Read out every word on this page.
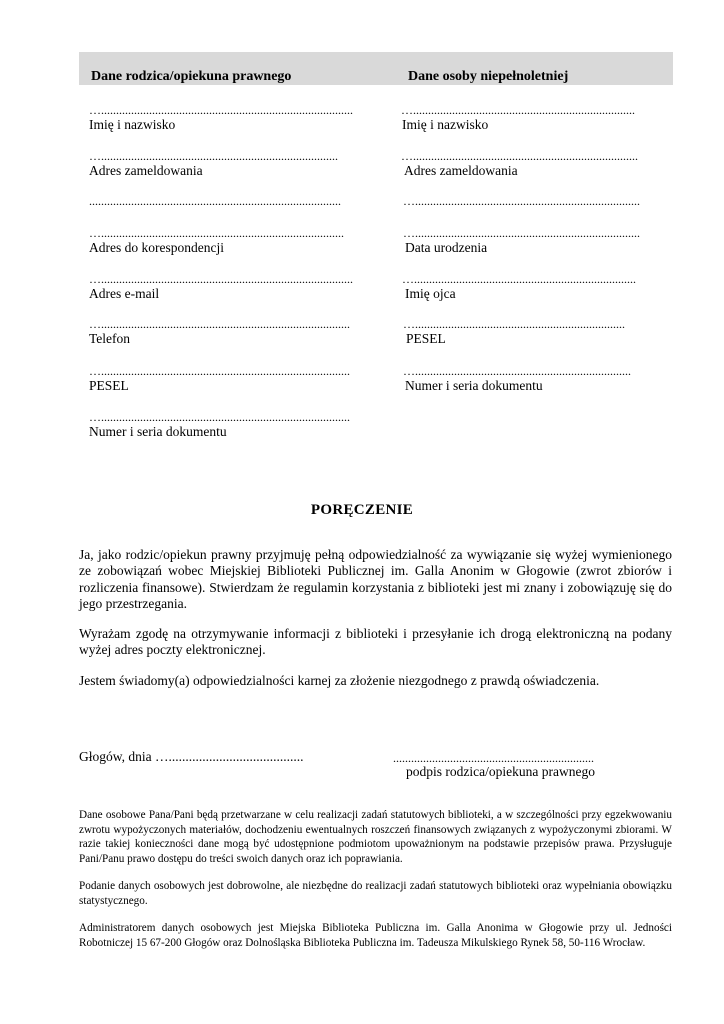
Dane rodzica/opiekuna prawnego	Dane osoby niepełnoletniej
…....................................................................................
Imię i nazwisko
…...............................................................................
Adres zameldowania
....................................................................................
….................................................................................
Adres do korespondencji
…....................................................................................
Adres e-mail
…...................................................................................
Telefon
…...................................................................................
PESEL
…...................................................................................
Numer i seria dokumentu
…..........................................................................
Imię i nazwisko
…...........................................................................
Adres zameldowania
…...........................................................................
…...........................................................................
Data urodzenia
…..........................................................................
Imię ojca
…......................................................................
PESEL
…........................................................................
Numer i seria dokumentu
PORĘCZENIE
Ja, jako rodzic/opiekun prawny przyjmuję pełną odpowiedzialność za wywiązanie się wyżej wymienionego ze zobowiązań wobec Miejskiej Biblioteki Publicznej im. Galla Anonim w Głogowie (zwrot zbiorów i rozliczenia finansowe). Stwierdzam że regulamin korzystania z biblioteki jest mi znany i zobowiązuję się do jego przestrzegania.
Wyrażam zgodę na otrzymywanie informacji z biblioteki i przesyłanie ich drogą elektroniczną na podany wyżej adres poczty elektronicznej.
Jestem świadomy(a) odpowiedzialności karnej za złożenie niezgodnego z prawdą oświadczenia.
Głogów, dnia …........................................	...................................................................
podpis rodzica/opiekuna prawnego
Dane osobowe Pana/Pani będą przetwarzane w celu realizacji zadań statutowych biblioteki, a w szczególności przy egzekwowaniu zwrotu wypożyczonych materiałów, dochodzeniu ewentualnych roszczeń finansowych związanych z wypożyczonymi zbiorami. W razie takiej konieczności dane mogą być udostępnione podmiotom upoważnionym na podstawie przepisów prawa. Przysługuje Pani/Panu prawo dostępu do treści swoich danych oraz ich poprawiania.
Podanie danych osobowych jest dobrowolne, ale niezbędne do realizacji zadań statutowych biblioteki oraz wypełniania obowiązku statystycznego.
Administratorem danych osobowych jest Miejska Biblioteka Publiczna im. Galla Anonima w Głogowie przy ul. Jedności Robotniczej 15 67-200 Głogów oraz Dolnośląska Biblioteka Publiczna im. Tadeusza Mikulskiego Rynek 58, 50-116 Wrocław.
